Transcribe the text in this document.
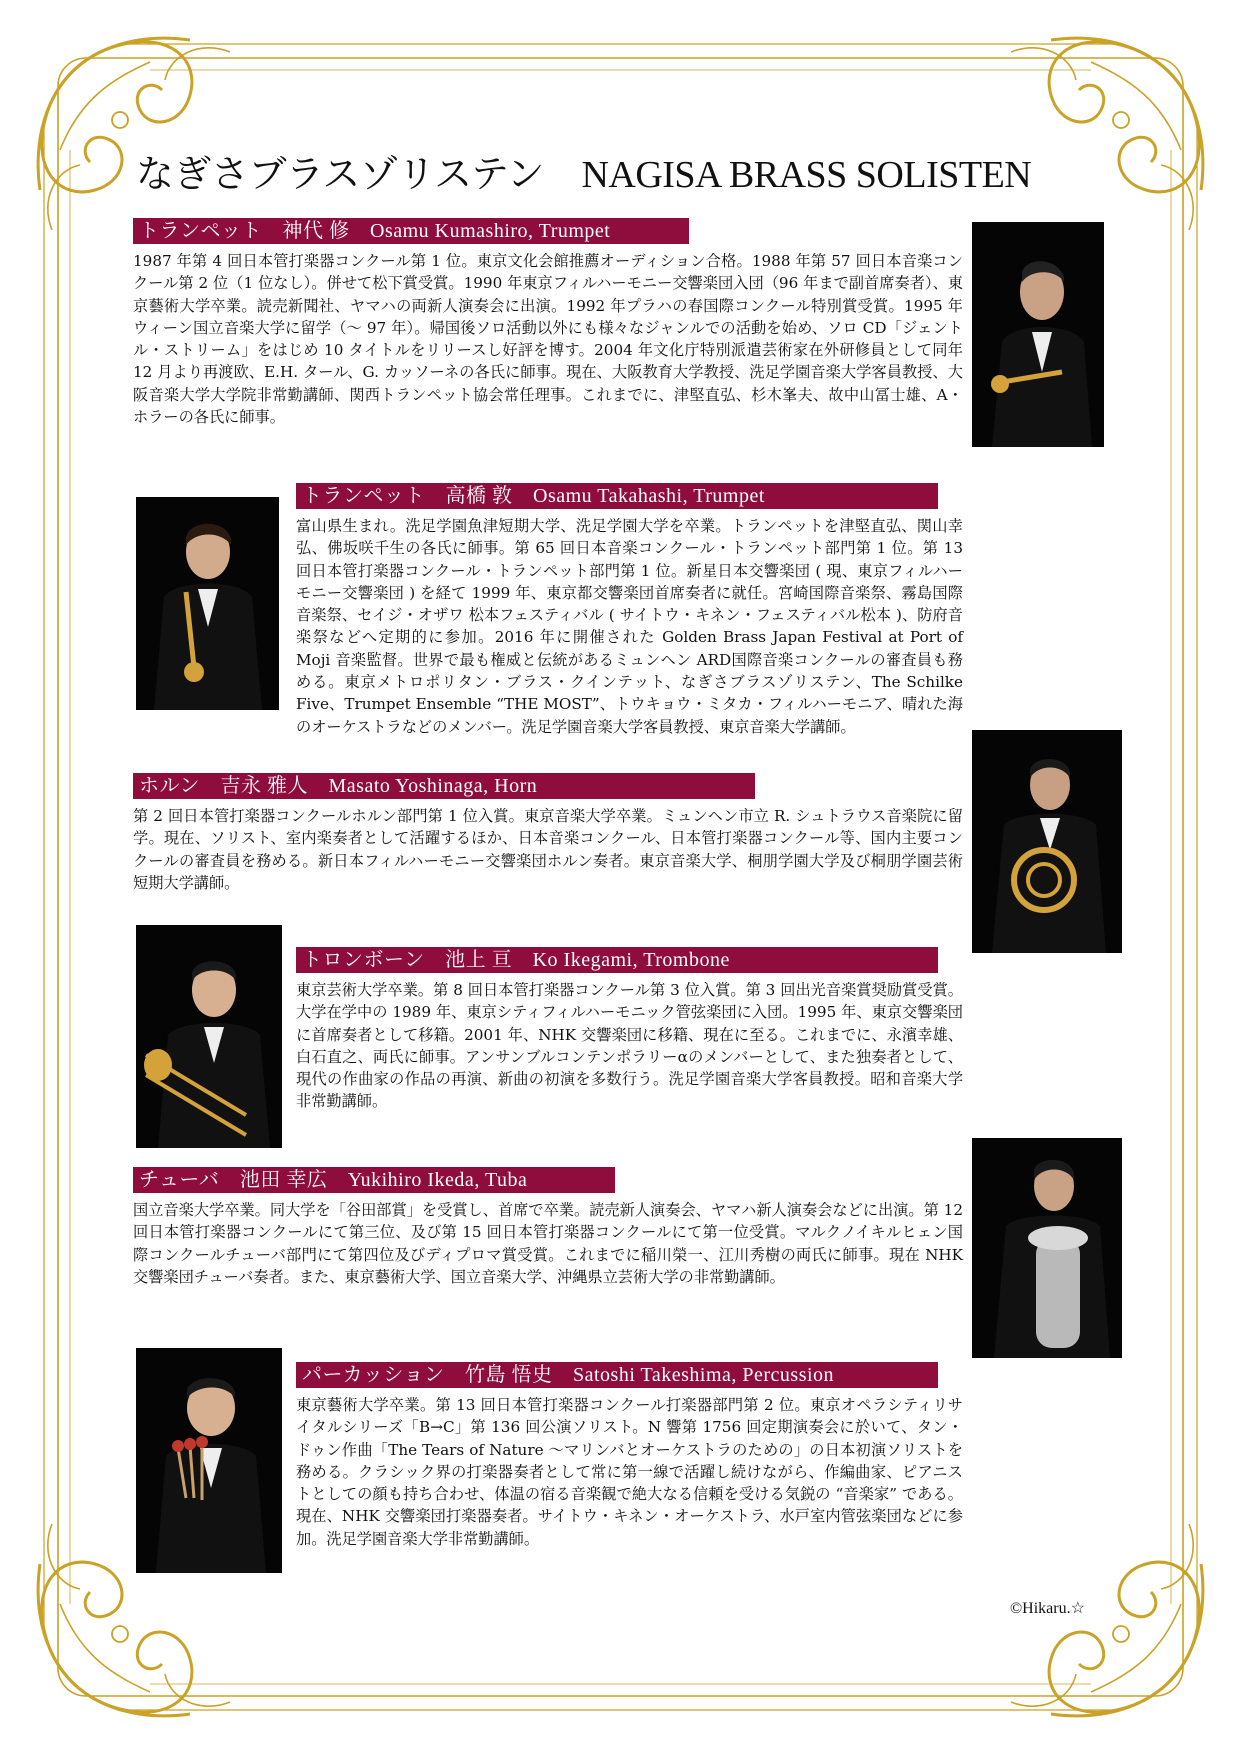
なぎさブラスゾリステン　NAGISA BRASS SOLISTEN
トランペット　神代 修　Osamu Kumashiro, Trumpet
1987 年第 4 回日本管打楽器コンクール第 1 位。東京文化会館推薦オーディション合格。1988 年第 57 回日本音楽コンクール第 2 位（1 位なし）。併せて松下賞受賞。1990 年東京フィルハーモニー交響楽団入団（96 年まで副首席奏者）、東京藝術大学卒業。読売新聞社、ヤマハの両新人演奏会に出演。1992 年プラハの春国際コンクール特別賞受賞。1995 年ウィーン国立音楽大学に留学（～ 97 年）。帰国後ソロ活動以外にも様々なジャンルでの活動を始め、ソロ CD「ジェントル・ストリーム」をはじめ 10 タイトルをリリースし好評を博す。2004 年文化庁特別派遣芸術家在外研修員として同年 12 月より再渡欧、E.H. タール、G. カッソーネの各氏に師事。現在、大阪教育大学教授、洗足学園音楽大学客員教授、大阪音楽大学大学院非常勤講師、関西トランペット協会常任理事。これまでに、津堅直弘、杉木峯夫、故中山冨士雄、A・ホラーの各氏に師事。
トランペット　高橋 敦　Osamu Takahashi, Trumpet
富山県生まれ。洗足学園魚津短期大学、洗足学園大学を卒業。トランペットを津堅直弘、関山幸弘、佛坂咲千生の各氏に師事。第 65 回日本音楽コンクール・トランペット部門第 1 位。第 13 回日本管打楽器コンクール・トランペット部門第 1 位。新星日本交響楽団 ( 現、東京フィルハーモニー交響楽団 ) を経て 1999 年、東京都交響楽団首席奏者に就任。宮崎国際音楽祭、霧島国際音楽祭、セイジ・オザワ 松本フェスティバル ( サイトウ・キネン・フェスティバル松本 )、防府音楽祭などへ定期的に参加。2016 年に開催された Golden Brass Japan Festival at Port of Moji 音楽監督。世界で最も権威と伝統があるミュンヘン ARD国際音楽コンクールの審査員も務める。東京メトロポリタン・ブラス・クインテット、なぎさブラスゾリステン、The Schilke Five、Trumpet Ensemble “THE MOST”、トウキョウ・ミタカ・フィルハーモニア、晴れた海のオーケストラなどのメンバー。洗足学園音楽大学客員教授、東京音楽大学講師。
ホルン　吉永 雅人　Masato Yoshinaga, Horn
第 2 回日本管打楽器コンクールホルン部門第 1 位入賞。東京音楽大学卒業。ミュンヘン市立 R. シュトラウス音楽院に留学。現在、ソリスト、室内楽奏者として活躍するほか、日本音楽コンクール、日本管打楽器コンクール等、国内主要コンクールの審査員を務める。新日本フィルハーモニー交響楽団ホルン奏者。東京音楽大学、桐朋学園大学及び桐朋学園芸術短期大学講師。
トロンボーン　池上 亘　Ko Ikegami, Trombone
東京芸術大学卒業。第 8 回日本管打楽器コンクール第 3 位入賞。第 3 回出光音楽賞奨励賞受賞。大学在学中の 1989 年、東京シティフィルハーモニック管弦楽団に入団。1995 年、東京交響楽団に首席奏者として移籍。2001 年、NHK 交響楽団に移籍、現在に至る。これまでに、永濱幸雄、白石直之、両氏に師事。アンサンブルコンテンポラリーαのメンバーとして、また独奏者として、現代の作曲家の作品の再演、新曲の初演を多数行う。洗足学園音楽大学客員教授。昭和音楽大学非常勤講師。
チューバ　池田 幸広　Yukihiro Ikeda, Tuba
国立音楽大学卒業。同大学を「谷田部賞」を受賞し、首席で卒業。読売新人演奏会、ヤマハ新人演奏会などに出演。第 12 回日本管打楽器コンクールにて第三位、及び第 15 回日本管打楽器コンクールにて第一位受賞。マルクノイキルヒェン国際コンクールチューバ部門にて第四位及びディプロマ賞受賞。これまでに稲川榮一、江川秀樹の両氏に師事。現在 NHK 交響楽団チューバ奏者。また、東京藝術大学、国立音楽大学、沖縄県立芸術大学の非常勤講師。
パーカッション　竹島 悟史　Satoshi Takeshima, Percussion
東京藝術大学卒業。第 13 回日本管打楽器コンクール打楽器部門第 2 位。東京オペラシティリサイタルシリーズ「B→C」第 136 回公演ソリスト。N 響第 1756 回定期演奏会に於いて、タン・ドゥン作曲「The Tears of Nature ～マリンバとオーケストラのための」の日本初演ソリストを務める。クラシック界の打楽器奏者として常に第一線で活躍し続けながら、作編曲家、ピアニストとしての顔も持ち合わせ、体温の宿る音楽観で絶大なる信頼を受ける気鋭の “音楽家” である。現在、NHK 交響楽団打楽器奏者。サイトウ・キネン・オーケストラ、水戸室内管弦楽団などに参加。洗足学園音楽大学非常勤講師。
©Hikaru.☆
